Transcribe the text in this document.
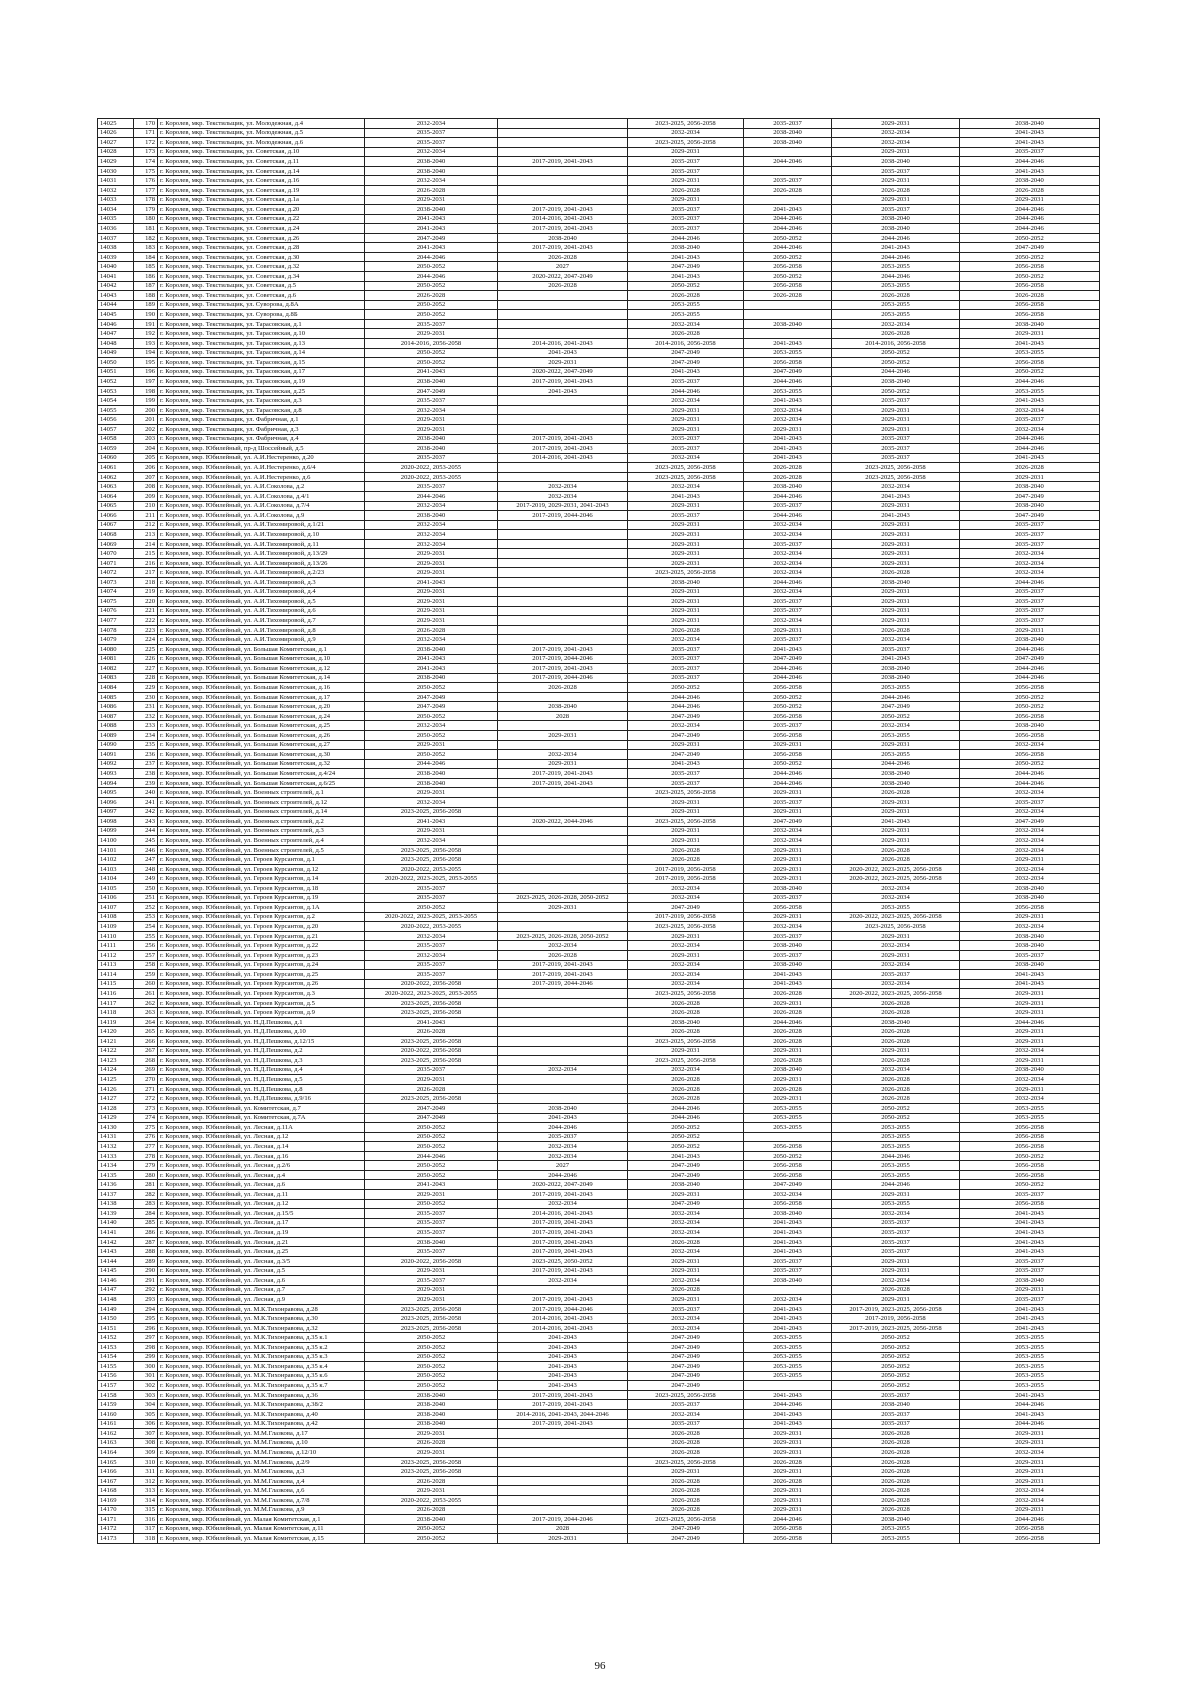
14025	170	г. Королев, мкр. Текстильщик, ул. Молодежная, д.4	2032-2034		2023-2025, 2056-2058	2035-2037	2029-2031	2038-2040
14026	171	г. Королев, мкр. Текстильщик, ул. Молодежная, д.5	2035-2037		2032-2034	2038-2040	2032-2034	2041-2043
14027	172	г. Королев, мкр. Текстильщик, ул. Молодежная, д.6	2035-2037		2023-2025, 2056-2058	2038-2040	2032-2034	2041-2043
14028	173	г. Королев, мкр. Текстильщик, ул. Советская, д.10	2032-2034		2029-2031		2029-2031	2035-2037
14029	174	г. Королев, мкр. Текстильщик, ул. Советская, д.11	2038-2040	2017-2019, 2041-2043	2035-2037	2044-2046	2038-2040	2044-2046
14030	175	г. Королев, мкр. Текстильщик, ул. Советская, д.14	2038-2040		2035-2037		2035-2037	2041-2043
14031	176	г. Королев, мкр. Текстильщик, ул. Советская, д.16	2032-2034		2029-2031	2035-2037	2029-2031	2038-2040
14032	177	г. Королев, мкр. Текстильщик, ул. Советская, д.19	2026-2028		2026-2028	2026-2028	2026-2028	2026-2028
14033	178	г. Королев, мкр. Текстильщик, ул. Советская, д.1а	2029-2031		2029-2031		2029-2031	2029-2031
14034	179	г. Королев, мкр. Текстильщик, ул. Советская, д.20	2038-2040	2017-2019, 2041-2043	2035-2037	2041-2043	2035-2037	2044-2046
14035	180	г. Королев, мкр. Текстильщик, ул. Советская, д.22	2041-2043	2014-2016, 2041-2043	2035-2037	2044-2046	2038-2040	2044-2046
14036	181	г. Королев, мкр. Текстильщик, ул. Советская, д.24	2041-2043	2017-2019, 2041-2043	2035-2037	2044-2046	2038-2040	2044-2046
14037	182	г. Королев, мкр. Текстильщик, ул. Советская, д.26	2047-2049	2038-2040	2044-2046	2050-2052	2044-2046	2050-2052
14038	183	г. Королев, мкр. Текстильщик, ул. Советская, д.28	2041-2043	2017-2019, 2041-2043	2038-2040	2044-2046	2041-2043	2047-2049
14039	184	г. Королев, мкр. Текстильщик, ул. Советская, д.30	2044-2046	2026-2028	2041-2043	2050-2052	2044-2046	2050-2052
14040	185	г. Королев, мкр. Текстильщик, ул. Советская, д.32	2050-2052	2027	2047-2049	2056-2058	2053-2055	2056-2058
14041	186	г. Королев, мкр. Текстильщик, ул. Советская, д.34	2044-2046	2020-2022, 2047-2049	2041-2043	2050-2052	2044-2046	2050-2052
14042	187	г. Королев, мкр. Текстильщик, ул. Советская, д.5	2050-2052	2026-2028	2050-2052	2056-2058	2053-2055	2056-2058
14043	188	г. Королев, мкр. Текстильщик, ул. Советская, д.6	2026-2028		2026-2028	2026-2028	2026-2028	2026-2028
14044	189	г. Королев, мкр. Текстильщик, ул. Суворова, д.8А	2050-2052		2053-2055		2053-2055	2056-2058
14045	190	г. Королев, мкр. Текстильщик, ул. Суворова, д.8Б	2050-2052		2053-2055		2053-2055	2056-2058
14046	191	г. Королев, мкр. Текстильщик, ул. Тарасовская, д.1	2035-2037		2032-2034	2038-2040	2032-2034	2038-2040
14047	192	г. Королев, мкр. Текстильщик, ул. Тарасовская, д.10	2029-2031		2026-2028		2026-2028	2029-2031
14048	193	г. Королев, мкр. Текстильщик, ул. Тарасовская, д.13	2014-2016, 2056-2058	2014-2016, 2041-2043	2014-2016, 2056-2058	2041-2043	2014-2016, 2056-2058	2041-2043
14049	194	г. Королев, мкр. Текстильщик, ул. Тарасовская, д.14	2050-2052	2041-2043	2047-2049	2053-2055	2050-2052	2053-2055
14050	195	г. Королев, мкр. Текстильщик, ул. Тарасовская, д.15	2050-2052	2029-2031	2047-2049	2056-2058	2050-2052	2056-2058
14051	196	г. Королев, мкр. Текстильщик, ул. Тарасовская, д.17	2041-2043	2020-2022, 2047-2049	2041-2043	2047-2049	2044-2046	2050-2052
14052	197	г. Королев, мкр. Текстильщик, ул. Тарасовская, д.19	2038-2040	2017-2019, 2041-2043	2035-2037	2044-2046	2038-2040	2044-2046
14053	198	г. Королев, мкр. Текстильщик, ул. Тарасовская, д.25	2047-2049	2041-2043	2044-2046	2053-2055	2050-2052	2053-2055
14054	199	г. Королев, мкр. Текстильщик, ул. Тарасовская, д.3	2035-2037		2032-2034	2041-2043	2035-2037	2041-2043
14055	200	г. Королев, мкр. Текстильщик, ул. Тарасовская, д.8	2032-2034		2029-2031	2032-2034	2029-2031	2032-2034
14056	201	г. Королев, мкр. Текстильщик, ул. Фабричная, д.1	2029-2031		2029-2031	2032-2034	2029-2031	2035-2037
14057	202	г. Королев, мкр. Текстильщик, ул. Фабричная, д.3	2029-2031		2029-2031	2029-2031	2029-2031	2032-2034
14058	203	г. Королев, мкр. Текстильщик, ул. Фабричная, д.4	2038-2040	2017-2019, 2041-2043	2035-2037	2041-2043	2035-2037	2044-2046
14059	204	г. Королев, мкр. Юбилейный, пр-д Шоссейный, д.5	2038-2040	2017-2019, 2041-2043	2035-2037	2041-2043	2035-2037	2044-2046
14060	205	г. Королев, мкр. Юбилейный, ул. А.И.Нестеренко, д.20	2035-2037	2014-2016, 2041-2043	2032-2034	2041-2043	2035-2037	2041-2043
14061	206	г. Королев, мкр. Юбилейный, ул. А.И.Нестеренко, д.6/4	2020-2022, 2053-2055		2023-2025, 2056-2058	2026-2028	2023-2025, 2056-2058	2026-2028
14062	207	г. Королев, мкр. Юбилейный, ул. А.И.Нестеренко, д.6	2020-2022, 2053-2055		2023-2025, 2056-2058	2026-2028	2023-2025, 2056-2058	2029-2031
14063	208	г. Королев, мкр. Юбилейный, ул. А.И.Соколова, д.2	2035-2037	2032-2034	2032-2034	2038-2040	2032-2034	2038-2040
14064	209	г. Королев, мкр. Юбилейный, ул. А.И.Соколова, д.4/1	2044-2046	2032-2034	2041-2043	2044-2046	2041-2043	2047-2049
14065	210	г. Королев, мкр. Юбилейный, ул. А.И.Соколова, д.7/4	2032-2034	2017-2019, 2029-2031, 2041-2043	2029-2031	2035-2037	2029-2031	2038-2040
14066	211	г. Королев, мкр. Юбилейный, ул. А.И.Соколова, д.9	2038-2040	2017-2019, 2044-2046	2035-2037	2044-2046	2041-2043	2047-2049
14067	212	г. Королев, мкр. Юбилейный, ул. А.И.Тихомировой, д.1/21	2032-2034		2029-2031	2032-2034	2029-2031	2035-2037
14068	213	г. Королев, мкр. Юбилейный, ул. А.И.Тихомировой, д.10	2032-2034		2029-2031	2032-2034	2029-2031	2035-2037
14069	214	г. Королев, мкр. Юбилейный, ул. А.И.Тихомировой, д.11	2032-2034		2029-2031	2035-2037	2029-2031	2035-2037
14070	215	г. Королев, мкр. Юбилейный, ул. А.И.Тихомировой, д.13/29	2029-2031		2029-2031	2032-2034	2029-2031	2032-2034
14071	216	г. Королев, мкр. Юбилейный, ул. А.И.Тихомировой, д.13/26	2029-2031		2029-2031	2032-2034	2029-2031	2032-2034
14072	217	г. Королев, мкр. Юбилейный, ул. А.И.Тихомировой, д.2/23	2029-2031		2023-2025, 2056-2058	2032-2034	2026-2028	2032-2034
14073	218	г. Королев, мкр. Юбилейный, ул. А.И.Тихомировой, д.3	2041-2043		2038-2040	2044-2046	2038-2040	2044-2046
14074	219	г. Королев, мкр. Юбилейный, ул. А.И.Тихомировой, д.4	2029-2031		2029-2031	2032-2034	2029-2031	2035-2037
14075	220	г. Королев, мкр. Юбилейный, ул. А.И.Тихомировой, д.5	2029-2031		2029-2031	2035-2037	2029-2031	2035-2037
14076	221	г. Королев, мкр. Юбилейный, ул. А.И.Тихомировой, д.6	2029-2031		2029-2031	2035-2037	2029-2031	2035-2037
14077	222	г. Королев, мкр. Юбилейный, ул. А.И.Тихомировой, д.7	2029-2031		2029-2031	2032-2034	2029-2031	2035-2037
14078	223	г. Королев, мкр. Юбилейный, ул. А.И.Тихомировой, д.8	2026-2028		2026-2028	2029-2031	2026-2028	2029-2031
14079	224	г. Королев, мкр. Юбилейный, ул. А.И.Тихомировой, д.9	2032-2034		2032-2034	2035-2037	2032-2034	2038-2040
14080	225	г. Королев, мкр. Юбилейный, ул. Большая Комитетская, д.1	2038-2040	2017-2019, 2041-2043	2035-2037	2041-2043	2035-2037	2044-2046
14081	226	г. Королев, мкр. Юбилейный, ул. Большая Комитетская, д.10	2041-2043	2017-2019, 2044-2046	2035-2037	2047-2049	2041-2043	2047-2049
14082	227	г. Королев, мкр. Юбилейный, ул. Большая Комитетская, д.12	2041-2043	2017-2019, 2041-2043	2035-2037	2044-2046	2038-2040	2044-2046
14083	228	г. Королев, мкр. Юбилейный, ул. Большая Комитетская, д.14	2038-2040	2017-2019, 2044-2046	2035-2037	2044-2046	2038-2040	2044-2046
14084	229	г. Королев, мкр. Юбилейный, ул. Большая Комитетская, д.16	2050-2052	2026-2028	2050-2052	2056-2058	2053-2055	2056-2058
14085	230	г. Королев, мкр. Юбилейный, ул. Большая Комитетская, д.17	2047-2049		2044-2046	2050-2052	2044-2046	2050-2052
14086	231	г. Королев, мкр. Юбилейный, ул. Большая Комитетская, д.20	2047-2049	2038-2040	2044-2046	2050-2052	2047-2049	2050-2052
14087	232	г. Королев, мкр. Юбилейный, ул. Большая Комитетская, д.24	2050-2052	2028	2047-2049	2056-2058	2050-2052	2056-2058
14088	233	г. Королев, мкр. Юбилейный, ул. Большая Комитетская, д.25	2032-2034		2032-2034	2035-2037	2032-2034	2038-2040
14089	234	г. Королев, мкр. Юбилейный, ул. Большая Комитетская, д.26	2050-2052	2029-2031	2047-2049	2056-2058	2053-2055	2056-2058
14090	235	г. Королев, мкр. Юбилейный, ул. Большая Комитетская, д.27	2029-2031		2029-2031	2029-2031	2029-2031	2032-2034
14091	236	г. Королев, мкр. Юбилейный, ул. Большая Комитетская, д.30	2050-2052	2032-2034	2047-2049	2056-2058	2053-2055	2056-2058
14092	237	г. Королев, мкр. Юбилейный, ул. Большая Комитетская, д.32	2044-2046	2029-2031	2041-2043	2050-2052	2044-2046	2050-2052
14093	238	г. Королев, мкр. Юбилейный, ул. Большая Комитетская, д.4/24	2038-2040	2017-2019, 2041-2043	2035-2037	2044-2046	2038-2040	2044-2046
14094	239	г. Королев, мкр. Юбилейный, ул. Большая Комитетская, д.6/25	2038-2040	2017-2019, 2041-2043	2035-2037	2044-2046	2038-2040	2044-2046
14095	240	г. Королев, мкр. Юбилейный, ул. Военных строителей, д.1	2029-2031		2023-2025, 2056-2058	2029-2031	2026-2028	2032-2034
14096	241	г. Королев, мкр. Юбилейный, ул. Военных строителей, д.12	2032-2034		2029-2031	2035-2037	2029-2031	2035-2037
14097	242	г. Королев, мкр. Юбилейный, ул. Военных строителей, д.14	2023-2025, 2056-2058		2029-2031	2029-2031	2029-2031	2032-2034
14098	243	г. Королев, мкр. Юбилейный, ул. Военных строителей, д.2	2041-2043	2020-2022, 2044-2046	2023-2025, 2056-2058	2047-2049	2041-2043	2047-2049
14099	244	г. Королев, мкр. Юбилейный, ул. Военных строителей, д.3	2029-2031		2029-2031	2032-2034	2029-2031	2032-2034
14100	245	г. Королев, мкр. Юбилейный, ул. Военных строителей, д.4	2032-2034		2029-2031	2032-2034	2029-2031	2032-2034
14101	246	г. Королев, мкр. Юбилейный, ул. Военных строителей, д.5	2023-2025, 2056-2058		2026-2028	2029-2031	2026-2028	2032-2034
14102	247	г. Королев, мкр. Юбилейный, ул. Героев Курсантов, д.1	2023-2025, 2056-2058		2026-2028	2029-2031	2026-2028	2029-2031
14103	248	г. Королев, мкр. Юбилейный, ул. Героев Курсантов, д.12	2020-2022, 2053-2055		2017-2019, 2056-2058	2029-2031	2020-2022, 2023-2025, 2056-2058	2032-2034
14104	249	г. Королев, мкр. Юбилейный, ул. Героев Курсантов, д.14	2020-2022, 2023-2025, 2053-2055		2017-2019, 2056-2058	2029-2031	2020-2022, 2023-2025, 2056-2058	2032-2034
14105	250	г. Королев, мкр. Юбилейный, ул. Героев Курсантов, д.18	2035-2037		2032-2034	2038-2040	2032-2034	2038-2040
14106	251	г. Королев, мкр. Юбилейный, ул. Героев Курсантов, д.19	2035-2037	2023-2025, 2026-2028, 2050-2052	2032-2034	2035-2037	2032-2034	2038-2040
14107	252	г. Королев, мкр. Юбилейный, ул. Героев Курсантов, д.1А	2050-2052	2029-2031	2047-2049	2056-2058	2053-2055	2056-2058
14108	253	г. Королев, мкр. Юбилейный, ул. Героев Курсантов, д.2	2020-2022, 2023-2025, 2053-2055		2017-2019, 2056-2058	2029-2031	2020-2022, 2023-2025, 2056-2058	2029-2031
14109	254	г. Королев, мкр. Юбилейный, ул. Героев Курсантов, д.20	2020-2022, 2053-2055		2023-2025, 2056-2058	2032-2034	2023-2025, 2056-2058	2032-2034
14110	255	г. Королев, мкр. Юбилейный, ул. Героев Курсантов, д.21	2032-2034	2023-2025, 2026-2028, 2050-2052	2029-2031	2035-2037	2029-2031	2038-2040
14111	256	г. Королев, мкр. Юбилейный, ул. Героев Курсантов, д.22	2035-2037	2032-2034	2032-2034	2038-2040	2032-2034	2038-2040
14112	257	г. Королев, мкр. Юбилейный, ул. Героев Курсантов, д.23	2032-2034	2026-2028	2029-2031	2035-2037	2029-2031	2035-2037
14113	258	г. Королев, мкр. Юбилейный, ул. Героев Курсантов, д.24	2035-2037	2017-2019, 2041-2043	2032-2034	2038-2040	2032-2034	2038-2040
14114	259	г. Королев, мкр. Юбилейный, ул. Героев Курсантов, д.25	2035-2037	2017-2019, 2041-2043	2032-2034	2041-2043	2035-2037	2041-2043
14115	260	г. Королев, мкр. Юбилейный, ул. Героев Курсантов, д.26	2020-2022, 2056-2058	2017-2019, 2044-2046	2032-2034	2041-2043	2032-2034	2041-2043
14116	261	г. Королев, мкр. Юбилейный, ул. Героев Курсантов, д.3	2020-2022, 2023-2025, 2053-2055		2023-2025, 2056-2058	2026-2028	2020-2022, 2023-2025, 2056-2058	2029-2031
14117	262	г. Королев, мкр. Юбилейный, ул. Героев Курсантов, д.5	2023-2025, 2056-2058		2026-2028	2029-2031	2026-2028	2029-2031
14118	263	г. Королев, мкр. Юбилейный, ул. Героев Курсантов, д.9	2023-2025, 2056-2058		2026-2028	2026-2028	2026-2028	2029-2031
14119	264	г. Королев, мкр. Юбилейный, ул. Н.Д.Пешкова, д.1	2041-2043		2038-2040	2044-2046	2038-2040	2044-2046
14120	265	г. Королев, мкр. Юбилейный, ул. Н.Д.Пешкова, д.10	2026-2028		2026-2028	2026-2028	2026-2028	2029-2031
14121	266	г. Королев, мкр. Юбилейный, ул. Н.Д.Пешкова, д.12/15	2023-2025, 2056-2058		2023-2025, 2056-2058	2026-2028	2026-2028	2029-2031
14122	267	г. Королев, мкр. Юбилейный, ул. Н.Д.Пешкова, д.2	2020-2022, 2056-2058		2029-2031	2029-2031	2029-2031	2032-2034
14123	268	г. Королев, мкр. Юбилейный, ул. Н.Д.Пешкова, д.3	2023-2025, 2056-2058		2023-2025, 2056-2058	2026-2028	2026-2028	2029-2031
14124	269	г. Королев, мкр. Юбилейный, ул. Н.Д.Пешкова, д.4	2035-2037	2032-2034	2032-2034	2038-2040	2032-2034	2038-2040
14125	270	г. Королев, мкр. Юбилейный, ул. Н.Д.Пешкова, д.5	2029-2031		2026-2028	2029-2031	2026-2028	2032-2034
14126	271	г. Королев, мкр. Юбилейный, ул. Н.Д.Пешкова, д.8	2026-2028		2026-2028	2026-2028	2026-2028	2029-2031
14127	272	г. Королев, мкр. Юбилейный, ул. Н.Д.Пешкова, д.9/16	2023-2025, 2056-2058		2026-2028	2029-2031	2026-2028	2032-2034
14128	273	г. Королев, мкр. Юбилейный, ул. Комитетская, д.7	2047-2049	2038-2040	2044-2046	2053-2055	2050-2052	2053-2055
14129	274	г. Королев, мкр. Юбилейный, ул. Комитетская, д.7А	2047-2049	2041-2043	2044-2046	2053-2055	2050-2052	2053-2055
14130	275	г. Королев, мкр. Юбилейный, ул. Лесная, д.11А	2050-2052	2044-2046	2050-2052	2053-2055	2053-2055	2056-2058
14131	276	г. Королев, мкр. Юбилейный, ул. Лесная, д.12	2050-2052	2035-2037	2050-2052		2053-2055	2056-2058
14132	277	г. Королев, мкр. Юбилейный, ул. Лесная, д.14	2050-2052	2032-2034	2050-2052	2056-2058	2053-2055	2056-2058
14133	278	г. Королев, мкр. Юбилейный, ул. Лесная, д.16	2044-2046	2032-2034	2041-2043	2050-2052	2044-2046	2050-2052
14134	279	г. Королев, мкр. Юбилейный, ул. Лесная, д.2/6	2050-2052	2027	2047-2049	2056-2058	2053-2055	2056-2058
14135	280	г. Королев, мкр. Юбилейный, ул. Лесная, д.4	2050-2052	2044-2046	2047-2049	2056-2058	2053-2055	2056-2058
14136	281	г. Королев, мкр. Юбилейный, ул. Лесная, д.6	2041-2043	2020-2022, 2047-2049	2038-2040	2047-2049	2044-2046	2050-2052
14137	282	г. Королев, мкр. Юбилейный, ул. Лесная, д.11	2029-2031	2017-2019, 2041-2043	2029-2031	2032-2034	2029-2031	2035-2037
14138	283	г. Королев, мкр. Юбилейный, ул. Лесная, д.12	2050-2052	2032-2034	2047-2049	2056-2058	2053-2055	2056-2058
14139	284	г. Королев, мкр. Юбилейный, ул. Лесная, д.15/5	2035-2037	2014-2016, 2041-2043	2032-2034	2038-2040	2032-2034	2041-2043
14140	285	г. Королев, мкр. Юбилейный, ул. Лесная, д.17	2035-2037	2017-2019, 2041-2043	2032-2034	2041-2043	2035-2037	2041-2043
14141	286	г. Королев, мкр. Юбилейный, ул. Лесная, д.19	2035-2037	2017-2019, 2041-2043	2032-2034	2041-2043	2035-2037	2041-2043
14142	287	г. Королев, мкр. Юбилейный, ул. Лесная, д.21	2038-2040	2017-2019, 2041-2043	2026-2028	2041-2043	2035-2037	2041-2043
14143	288	г. Королев, мкр. Юбилейный, ул. Лесная, д.25	2035-2037	2017-2019, 2041-2043	2032-2034	2041-2043	2035-2037	2041-2043
14144	289	г. Королев, мкр. Юбилейный, ул. Лесная, д.3/5	2020-2022, 2056-2058	2023-2025, 2050-2052	2029-2031	2035-2037	2029-2031	2035-2037
14145	290	г. Королев, мкр. Юбилейный, ул. Лесная, д.5	2029-2031	2017-2019, 2041-2043	2029-2031	2035-2037	2029-2031	2035-2037
14146	291	г. Королев, мкр. Юбилейный, ул. Лесная, д.6	2035-2037	2032-2034	2032-2034	2038-2040	2032-2034	2038-2040
14147	292	г. Королев, мкр. Юбилейный, ул. Лесная, д.7	2029-2031		2026-2028		2026-2028	2029-2031
14148	293	г. Королев, мкр. Юбилейный, ул. Лесная, д.9	2029-2031	2017-2019, 2041-2043	2029-2031	2032-2034	2029-2031	2035-2037
14149	294	г. Королев, мкр. Юбилейный, ул. М.К.Тихонравова, д.28	2023-2025, 2056-2058	2017-2019, 2044-2046	2035-2037	2041-2043	2017-2019, 2023-2025, 2056-2058	2041-2043
14150	295	г. Королев, мкр. Юбилейный, ул. М.К.Тихонравова, д.30	2023-2025, 2056-2058	2014-2016, 2041-2043	2032-2034	2041-2043	2017-2019, 2056-2058	2041-2043
14151	296	г. Королев, мкр. Юбилейный, ул. М.К.Тихонравова, д.32	2023-2025, 2056-2058	2014-2016, 2041-2043	2032-2034	2041-2043	2017-2019, 2023-2025, 2056-2058	2041-2043
14152	297	г. Королев, мкр. Юбилейный, ул. М.К.Тихонравова, д.35 к.1	2050-2052	2041-2043	2047-2049	2053-2055	2050-2052	2053-2055
14153	298	г. Королев, мкр. Юбилейный, ул. М.К.Тихонравова, д.35 к.2	2050-2052	2041-2043	2047-2049	2053-2055	2050-2052	2053-2055
14154	299	г. Королев, мкр. Юбилейный, ул. М.К.Тихонравова, д.35 к.3	2050-2052	2041-2043	2047-2049	2053-2055	2050-2052	2053-2055
14155	300	г. Королев, мкр. Юбилейный, ул. М.К.Тихонравова, д.35 к.4	2050-2052	2041-2043	2047-2049	2053-2055	2050-2052	2053-2055
14156	301	г. Королев, мкр. Юбилейный, ул. М.К.Тихонравова, д.35 к.6	2050-2052	2041-2043	2047-2049	2053-2055	2050-2052	2053-2055
14157	302	г. Королев, мкр. Юбилейный, ул. М.К.Тихонравова, д.35 к.7	2050-2052	2041-2043	2047-2049		2050-2052	2053-2055
14158	303	г. Королев, мкр. Юбилейный, ул. М.К.Тихонравова, д.36	2038-2040	2017-2019, 2041-2043	2023-2025, 2056-2058	2041-2043	2035-2037	2041-2043
14159	304	г. Королев, мкр. Юбилейный, ул. М.К.Тихонравова, д.38/2	2038-2040	2017-2019, 2041-2043	2035-2037	2044-2046	2038-2040	2044-2046
14160	305	г. Королев, мкр. Юбилейный, ул. М.К.Тихонравова, д.40	2038-2040	2014-2016, 2041-2043, 2044-2046	2032-2034	2041-2043	2035-2037	2041-2043
14161	306	г. Королев, мкр. Юбилейный, ул. М.К.Тихонравова, д.42	2038-2040	2017-2019, 2041-2043	2035-2037	2041-2043	2035-2037	2044-2046
14162	307	г. Королев, мкр. Юбилейный, ул. М.М.Глазкова, д.17	2029-2031		2026-2028	2029-2031	2026-2028	2029-2031
14163	308	г. Королев, мкр. Юбилейный, ул. М.М.Глазкова, д.10	2026-2028		2026-2028	2029-2031	2026-2028	2029-2031
14164	309	г. Королев, мкр. Юбилейный, ул. М.М.Глазкова, д.12/10	2029-2031		2026-2028	2029-2031	2026-2028	2032-2034
14165	310	г. Королев, мкр. Юбилейный, ул. М.М.Глазкова, д.2/9	2023-2025, 2056-2058		2023-2025, 2056-2058	2026-2028	2026-2028	2029-2031
14166	311	г. Королев, мкр. Юбилейный, ул. М.М.Глазкова, д.3	2023-2025, 2056-2058		2029-2031	2029-2031	2026-2028	2029-2031
14167	312	г. Королев, мкр. Юбилейный, ул. М.М.Глазкова, д.4	2026-2028		2026-2028	2026-2028	2026-2028	2029-2031
14168	313	г. Королев, мкр. Юбилейный, ул. М.М.Глазкова, д.6	2029-2031		2026-2028	2029-2031	2026-2028	2032-2034
14169	314	г. Королев, мкр. Юбилейный, ул. М.М.Глазкова, д.7/8	2020-2022, 2053-2055		2026-2028	2029-2031	2026-2028	2032-2034
14170	315	г. Королев, мкр. Юбилейный, ул. М.М.Глазкова, д.9	2026-2028		2026-2028	2029-2031	2026-2028	2029-2031
14171	316	г. Королев, мкр. Юбилейный, ул. Малая Комитетская, д.1	2038-2040	2017-2019, 2044-2046	2023-2025, 2056-2058	2044-2046	2038-2040	2044-2046
14172	317	г. Королев, мкр. Юбилейный, ул. Малая Комитетская, д.11	2050-2052	2028	2047-2049	2056-2058	2053-2055	2056-2058
14173	318	г. Королев, мкр. Юбилейный, ул. Малая Комитетская, д.15	2050-2052	2029-2031	2047-2049	2056-2058	2053-2055	2056-2058
96
